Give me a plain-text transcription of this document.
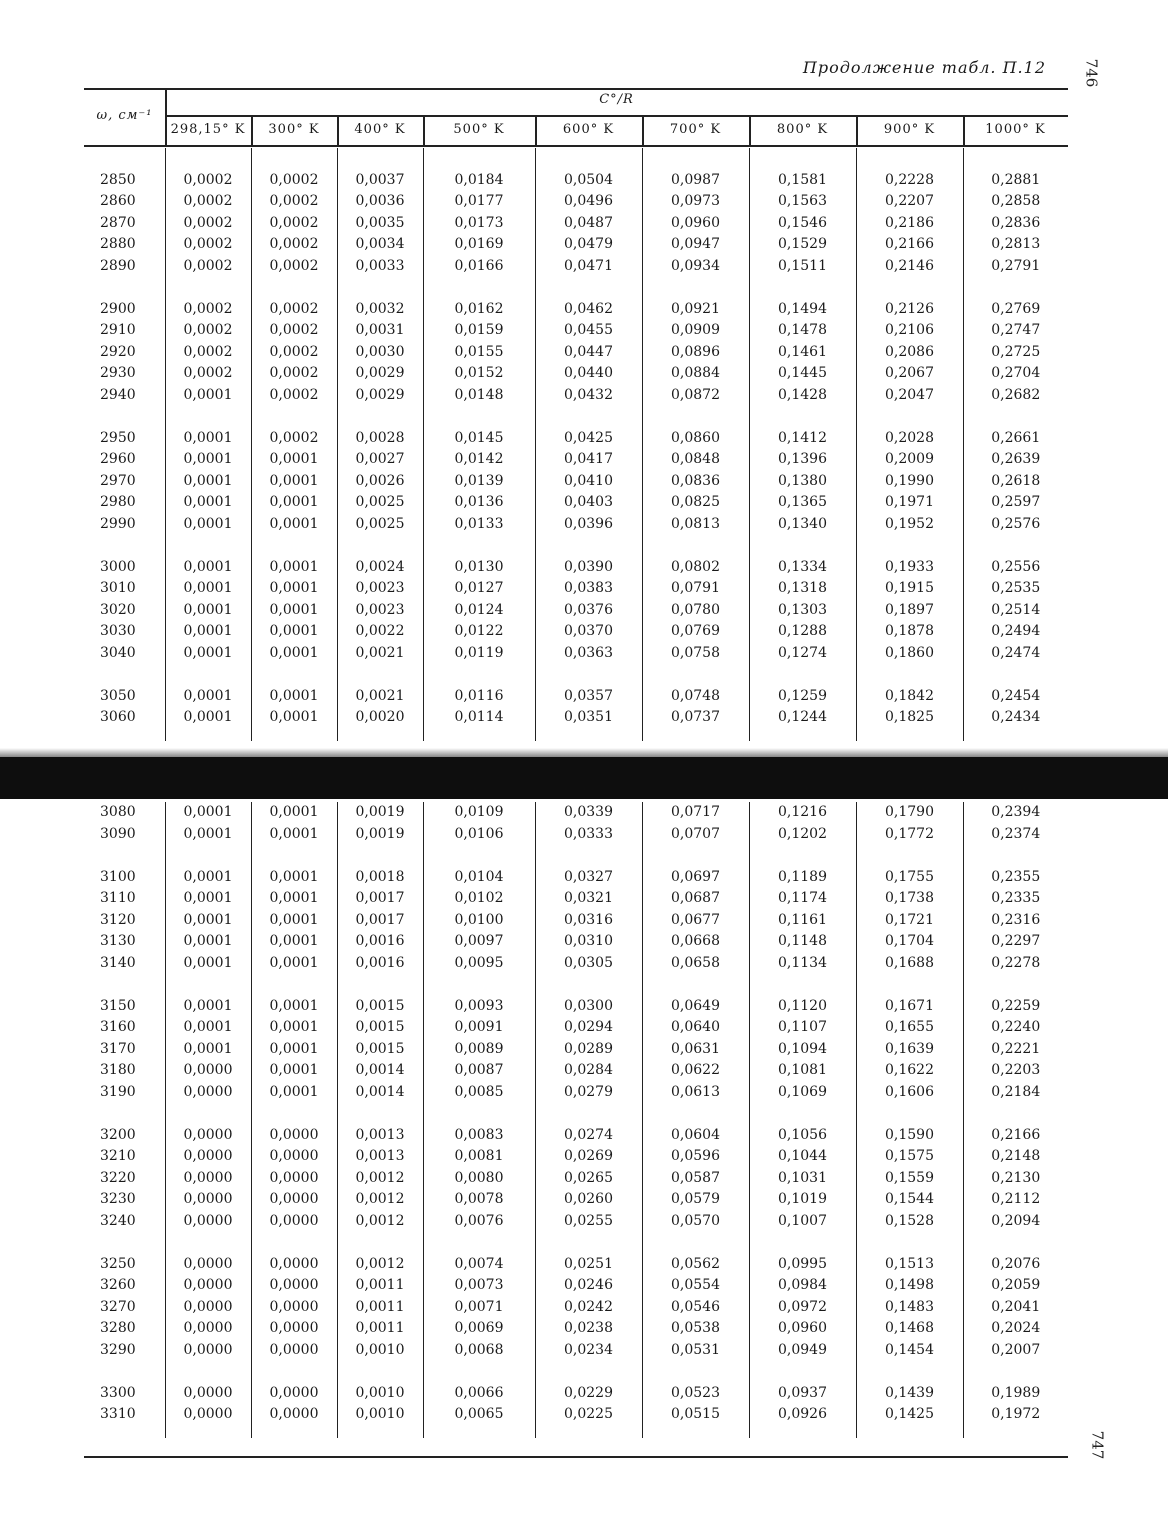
746
Продолжение табл. П.12
ω, см⁻¹
C°/R
298,15° K	300° K	400° K	500° K	600° K	700° K	800° K	900° K	1000° K

2850	0,0002	0,0002	0,0037	0,0184	0,0504	0,0987	0,1581	0,2228	0,2881
2860	0,0002	0,0002	0,0036	0,0177	0,0496	0,0973	0,1563	0,2207	0,2858
2870	0,0002	0,0002	0,0035	0,0173	0,0487	0,0960	0,1546	0,2186	0,2836
2880	0,0002	0,0002	0,0034	0,0169	0,0479	0,0947	0,1529	0,2166	0,2813
2890	0,0002	0,0002	0,0033	0,0166	0,0471	0,0934	0,1511	0,2146	0,2791

2900	0,0002	0,0002	0,0032	0,0162	0,0462	0,0921	0,1494	0,2126	0,2769
2910	0,0002	0,0002	0,0031	0,0159	0,0455	0,0909	0,1478	0,2106	0,2747
2920	0,0002	0,0002	0,0030	0,0155	0,0447	0,0896	0,1461	0,2086	0,2725
2930	0,0002	0,0002	0,0029	0,0152	0,0440	0,0884	0,1445	0,2067	0,2704
2940	0,0001	0,0002	0,0029	0,0148	0,0432	0,0872	0,1428	0,2047	0,2682

2950	0,0001	0,0002	0,0028	0,0145	0,0425	0,0860	0,1412	0,2028	0,2661
2960	0,0001	0,0001	0,0027	0,0142	0,0417	0,0848	0,1396	0,2009	0,2639
2970	0,0001	0,0001	0,0026	0,0139	0,0410	0,0836	0,1380	0,1990	0,2618
2980	0,0001	0,0001	0,0025	0,0136	0,0403	0,0825	0,1365	0,1971	0,2597
2990	0,0001	0,0001	0,0025	0,0133	0,0396	0,0813	0,1340	0,1952	0,2576

3000	0,0001	0,0001	0,0024	0,0130	0,0390	0,0802	0,1334	0,1933	0,2556
3010	0,0001	0,0001	0,0023	0,0127	0,0383	0,0791	0,1318	0,1915	0,2535
3020	0,0001	0,0001	0,0023	0,0124	0,0376	0,0780	0,1303	0,1897	0,2514
3030	0,0001	0,0001	0,0022	0,0122	0,0370	0,0769	0,1288	0,1878	0,2494
3040	0,0001	0,0001	0,0021	0,0119	0,0363	0,0758	0,1274	0,1860	0,2474

3050	0,0001	0,0001	0,0021	0,0116	0,0357	0,0748	0,1259	0,1842	0,2454
3060	0,0001	0,0001	0,0020	0,0114	0,0351	0,0737	0,1244	0,1825	0,2434

3080	0,0001	0,0001	0,0019	0,0109	0,0339	0,0717	0,1216	0,1790	0,2394
3090	0,0001	0,0001	0,0019	0,0106	0,0333	0,0707	0,1202	0,1772	0,2374

3100	0,0001	0,0001	0,0018	0,0104	0,0327	0,0697	0,1189	0,1755	0,2355
3110	0,0001	0,0001	0,0017	0,0102	0,0321	0,0687	0,1174	0,1738	0,2335
3120	0,0001	0,0001	0,0017	0,0100	0,0316	0,0677	0,1161	0,1721	0,2316
3130	0,0001	0,0001	0,0016	0,0097	0,0310	0,0668	0,1148	0,1704	0,2297
3140	0,0001	0,0001	0,0016	0,0095	0,0305	0,0658	0,1134	0,1688	0,2278

3150	0,0001	0,0001	0,0015	0,0093	0,0300	0,0649	0,1120	0,1671	0,2259
3160	0,0001	0,0001	0,0015	0,0091	0,0294	0,0640	0,1107	0,1655	0,2240
3170	0,0001	0,0001	0,0015	0,0089	0,0289	0,0631	0,1094	0,1639	0,2221
3180	0,0000	0,0001	0,0014	0,0087	0,0284	0,0622	0,1081	0,1622	0,2203
3190	0,0000	0,0001	0,0014	0,0085	0,0279	0,0613	0,1069	0,1606	0,2184

3200	0,0000	0,0000	0,0013	0,0083	0,0274	0,0604	0,1056	0,1590	0,2166
3210	0,0000	0,0000	0,0013	0,0081	0,0269	0,0596	0,1044	0,1575	0,2148
3220	0,0000	0,0000	0,0012	0,0080	0,0265	0,0587	0,1031	0,1559	0,2130
3230	0,0000	0,0000	0,0012	0,0078	0,0260	0,0579	0,1019	0,1544	0,2112
3240	0,0000	0,0000	0,0012	0,0076	0,0255	0,0570	0,1007	0,1528	0,2094

3250	0,0000	0,0000	0,0012	0,0074	0,0251	0,0562	0,0995	0,1513	0,2076
3260	0,0000	0,0000	0,0011	0,0073	0,0246	0,0554	0,0984	0,1498	0,2059
3270	0,0000	0,0000	0,0011	0,0071	0,0242	0,0546	0,0972	0,1483	0,2041
3280	0,0000	0,0000	0,0011	0,0069	0,0238	0,0538	0,0960	0,1468	0,2024
3290	0,0000	0,0000	0,0010	0,0068	0,0234	0,0531	0,0949	0,1454	0,2007

3300	0,0000	0,0000	0,0010	0,0066	0,0229	0,0523	0,0937	0,1439	0,1989
3310	0,0000	0,0000	0,0010	0,0065	0,0225	0,0515	0,0926	0,1425	0,1972

747
